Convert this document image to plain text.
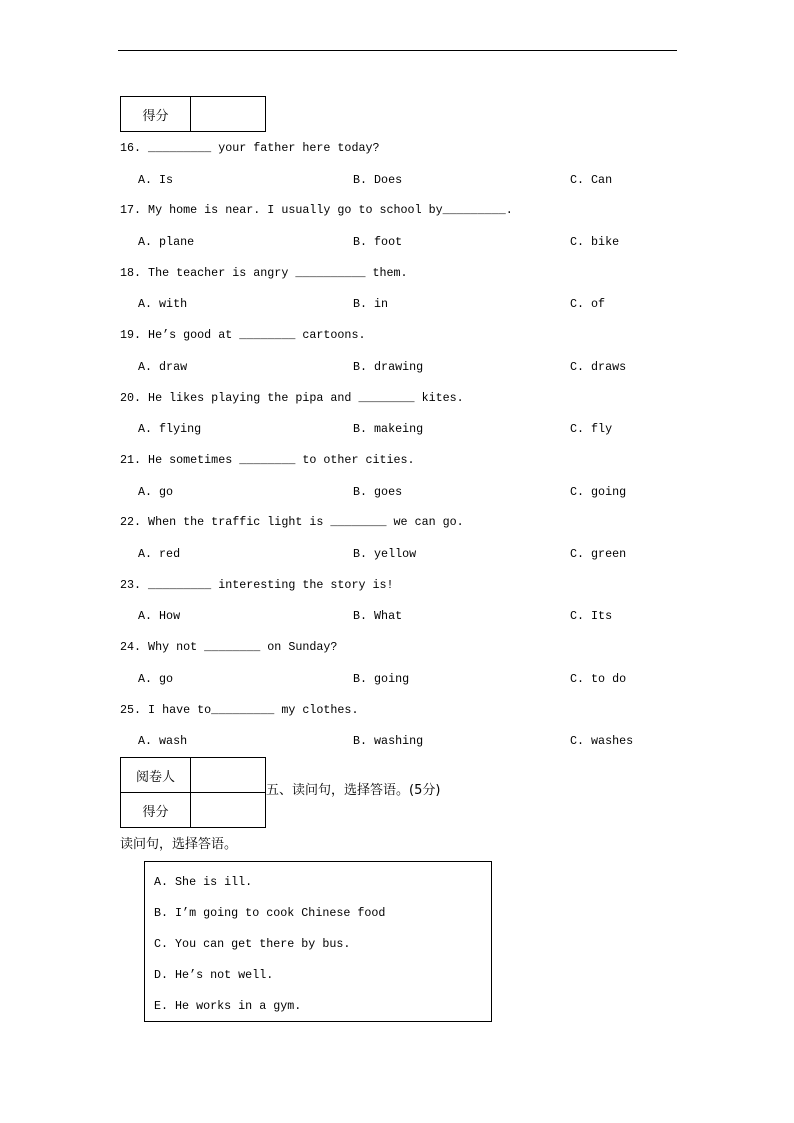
得分	
16. _________ your father here today?
A. Is	B. Does	C. Can
17. My home is near. I usually go to school by_________.
A. plane	B. foot	C. bike
18. The teacher is angry __________ them.
A. with	B. in	C. of
19. He’s good at ________ cartoons.
A. draw	B. drawing	C. draws
20. He likes playing the pipa and ________ kites.
A. flying	B. makeing	C. fly
21. He sometimes ________ to other cities.
A. go	B. goes	C. going
22. When the traffic light is ________ we can go.
A. red	B. yellow	C. green
23. _________ interesting the story is!
A. How	B. What	C. Its
24. Why not ________ on Sunday?
A. go	B. going	C. to do
25. I have to_________ my clothes.
A. wash	B. washing	C. washes
阅卷人	
得分	
五、读问句，选择答语。(5分)
读问句，选择答语。
A. She is ill.
B. I’m going to cook Chinese food
C. You can get there by bus.
D. He’s not well.
E. He works in a gym.
